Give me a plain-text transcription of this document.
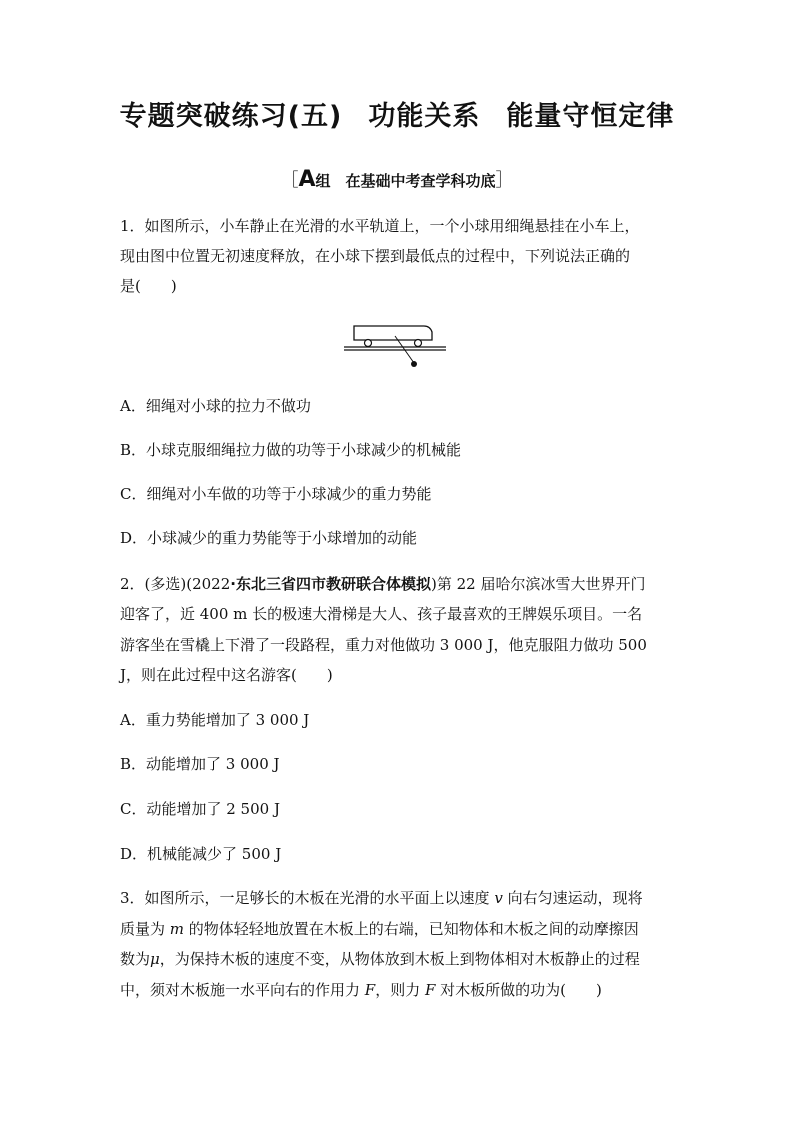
专题突破练习(五) 功能关系 能量守恒定律
［A组　在基础中考查学科功底］
1．如图所示，小车静止在光滑的水平轨道上，一个小球用细绳悬挂在小车上，
现由图中位置无初速度释放，在小球下摆到最低点的过程中，下列说法正确的
是(　　)
A．细绳对小球的拉力不做功
B．小球克服细绳拉力做的功等于小球减少的机械能
C．细绳对小车做的功等于小球减少的重力势能
D．小球减少的重力势能等于小球增加的动能
2．(多选)(2022·东北三省四市教研联合体模拟)第 22 届哈尔滨冰雪大世界开门
迎客了，近 400 m 长的极速大滑梯是大人、孩子最喜欢的王牌娱乐项目。一名
游客坐在雪橇上下滑了一段路程，重力对他做功 3 000 J，他克服阻力做功 500
J，则在此过程中这名游客(　　)
A．重力势能增加了 3 000 J
B．动能增加了 3 000 J
C．动能增加了 2 500 J
D．机械能减少了 500 J
3．如图所示，一足够长的木板在光滑的水平面上以速度 v 向右匀速运动，现将
质量为 m 的物体轻轻地放置在木板上的右端，已知物体和木板之间的动摩擦因
数为μ，为保持木板的速度不变，从物体放到木板上到物体相对木板静止的过程
中，须对木板施一水平向右的作用力 F，则力 F 对木板所做的功为(　　)
